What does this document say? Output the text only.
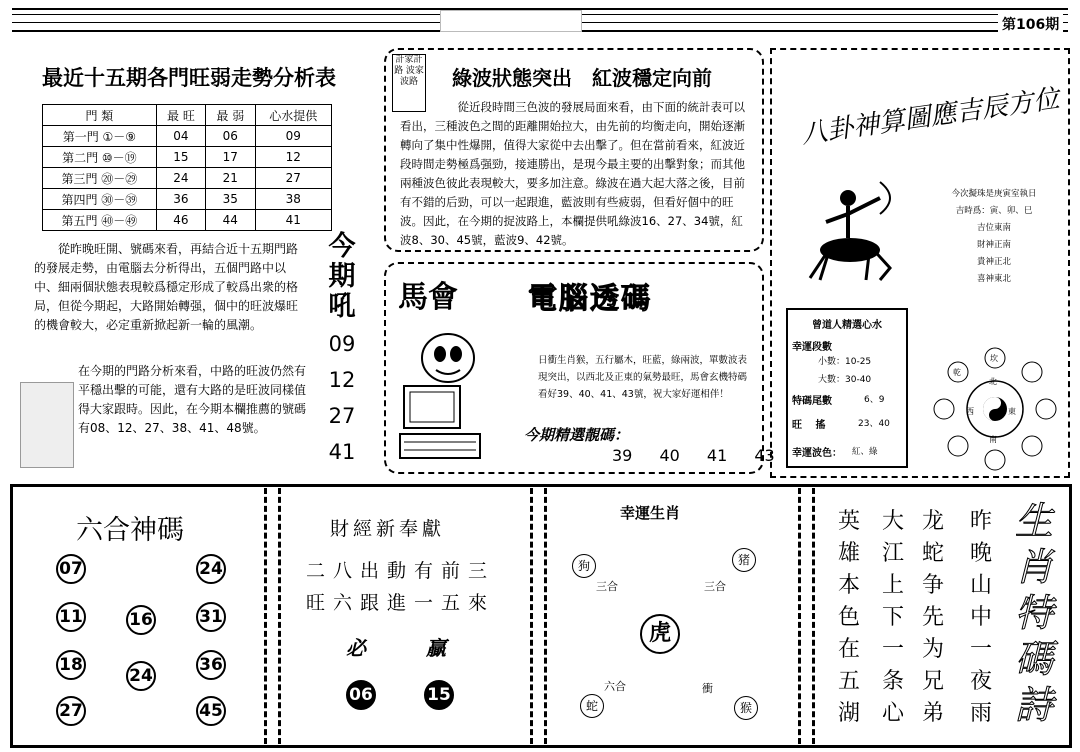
第106期
最近十五期各門旺弱走勢分析表
門 類	最 旺	最 弱	心水提供
第一門 ①－⑨	04	06	09
第二門 ⑩－⑲	15	17	12
第三門 ⑳－㉙	24	21	27
第四門 ㉚－㊴	36	35	38
第五門 ㊵－㊾	46	44	41
從昨晚旺開、號碼來看，再結合近十五期門路的發展走勢，由電腦去分析得出，五個門路中以中、細兩個狀態表現較爲穩定形成了較爲出衆的格局，但從今期起，大路開始轉强，個中的旺波爆旺的機會較大，必定重新掀起新一輪的風潮。
在今期的門路分析來看，中路的旺波仍然有平穩出擊的可能，還有大路的是旺波同樣值得大家跟時。因此，在今期本欄推薦的號碼有08、12、27、38、41、48號。
今期吼
09
12
27
41
計家計路 波家波路	綠波狀態突出　紅波穩定向前
從近段時間三色波的發展局面來看，由下面的統計表可以看出，三種波色之間的距離開始拉大，由先前的均衡走向，開始逐漸轉向了集中性爆開，值得大家從中去出擊了。但在當前看來，紅波近段時間走勢極爲强勁，接連勝出，是現今最主要的出擊對象；而其他兩種波色彼此表現較大，要多加注意。綠波在過大起大落之後，目前有不錯的后勁，可以一起跟進，藍波則有些疲弱，但看好個中的旺波。 因此，在今期的捉波路上，本欄提供吼綠波16、27、34號，紅波8、30、45號，藍波9、42號。
馬會 電腦透碼
日衝生肖猴，五行屬木，旺藍，綠兩波，單數波表現突出，以西北及正東的氣勢最旺，馬會玄機特碼看好39、40、41、43號，祝大家好運相伴！
今期精選靚碼：
39 40 41 43
八卦神算圖應吉辰方位
今次擬珠是庚寅室執日
吉時爲：寅、卯、巳
吉位東南
財神正南
貴神正北
喜神東北
曾道人精選心水
幸運段數
小數：10-25
大數：30-40
特碼尾數	6、9
旺 　搖	23、40
幸運波色： 紅、綠
北
東
南
西
坎
乾
六合神碼
07	24
11	16	31
18
24
36
27	45
財經新奉獻
二八出動有前三
旺六跟進一五來
必	贏
06	15
幸運生肖
狗	猪
蛇	猴
虎
三合	三合
六合	衝
昨晚山中一夜雨
龙蛇争先为兄弟
大江上下一条心
英雄本色在五湖
生肖特碼詩
